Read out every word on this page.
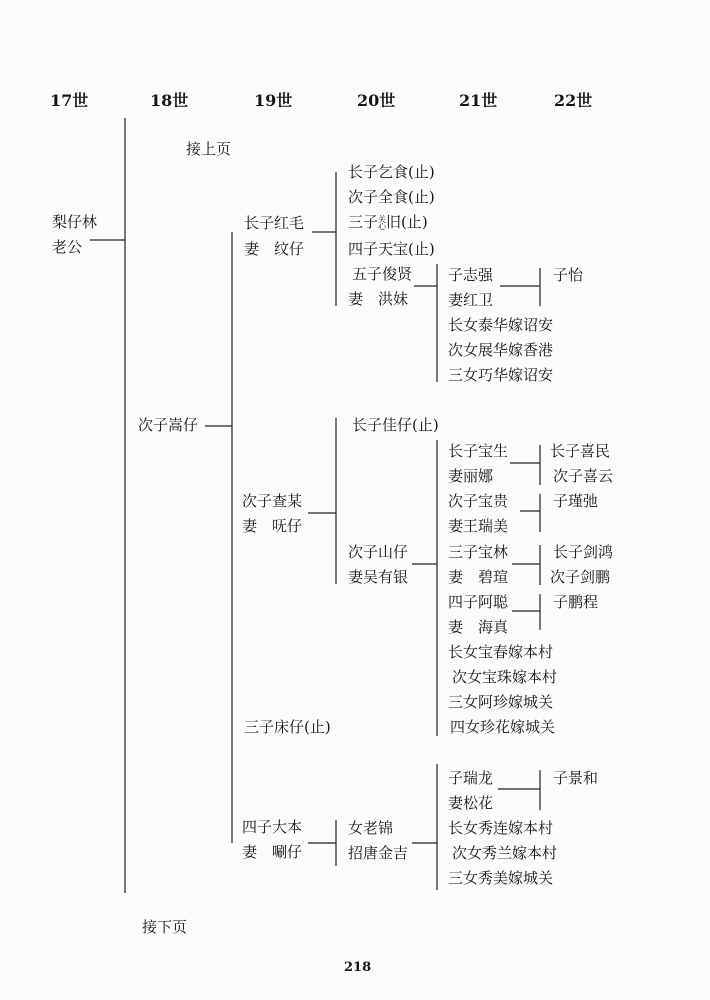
17世	18世	19世	20世	21世	22世
接上页
梨仔林
老公
次子嵩仔
长子红毛
妻　纹仔
次子查某
妻　呒仔
三子床仔(止)
四子大本
妻　唰仔
长子乞食(止)
次子全食(止)
三子关
心旧(止)
四子天宝(止)
五子俊贤
妻　洪妹
长子佳仔(止)
次子山仔
妻吴有银
女老锦
招唐金吉
子志强
妻红卫
长女泰华嫁诏安
次女展华嫁香港
三女巧华嫁诏安
长子宝生
妻丽娜
次子宝贵
妻王瑞美
三子宝林
妻　碧瑄
四子阿聪
妻　海真
长女宝春嫁本村
次女宝珠嫁本村
三女阿珍嫁城关
四女珍花嫁城关
子瑞龙
妻松花
长女秀连嫁本村
次女秀兰嫁本村
三女秀美嫁城关
子怡
长子喜民
次子喜云
子瑾弛
长子剑鸿
次子剑鹏
子鹏程
子景和
接下页
218
